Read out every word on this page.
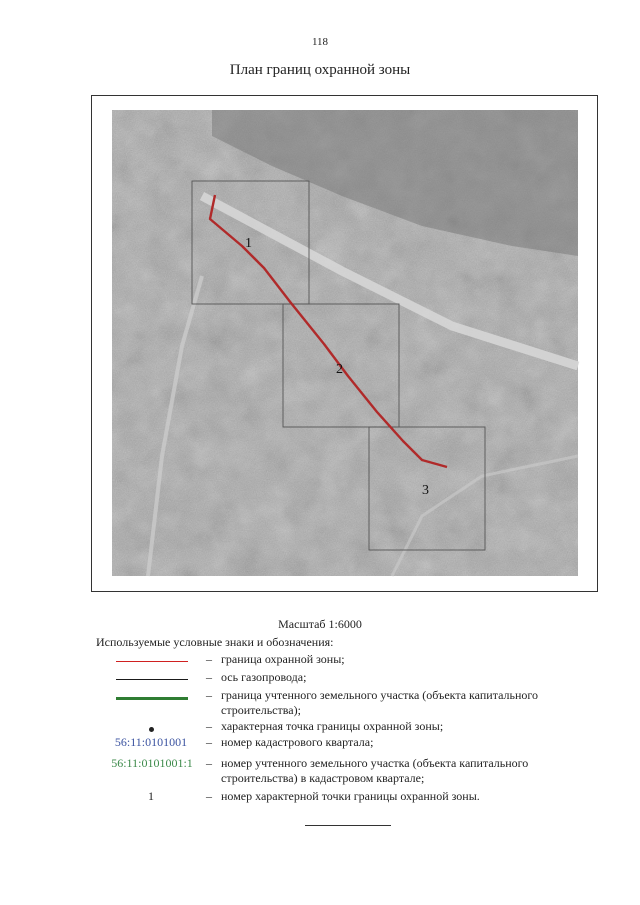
118
План границ охранной зоны
1
2
3
Масштаб 1:6000
Используемые условные знаки и обозначения:
– граница охранной зоны;
– ось газопровода;
– граница учтенного земельного участка (объекта капитального
строительства);
– характерная точка границы охранной зоны;
56:11:0101001 – номер кадастрового квартала;
56:11:0101001:1	– номер учтенного земельного участка (объекта капитального
строительства) в кадастровом квартале;
1	– номер характерной точки границы охранной зоны.
